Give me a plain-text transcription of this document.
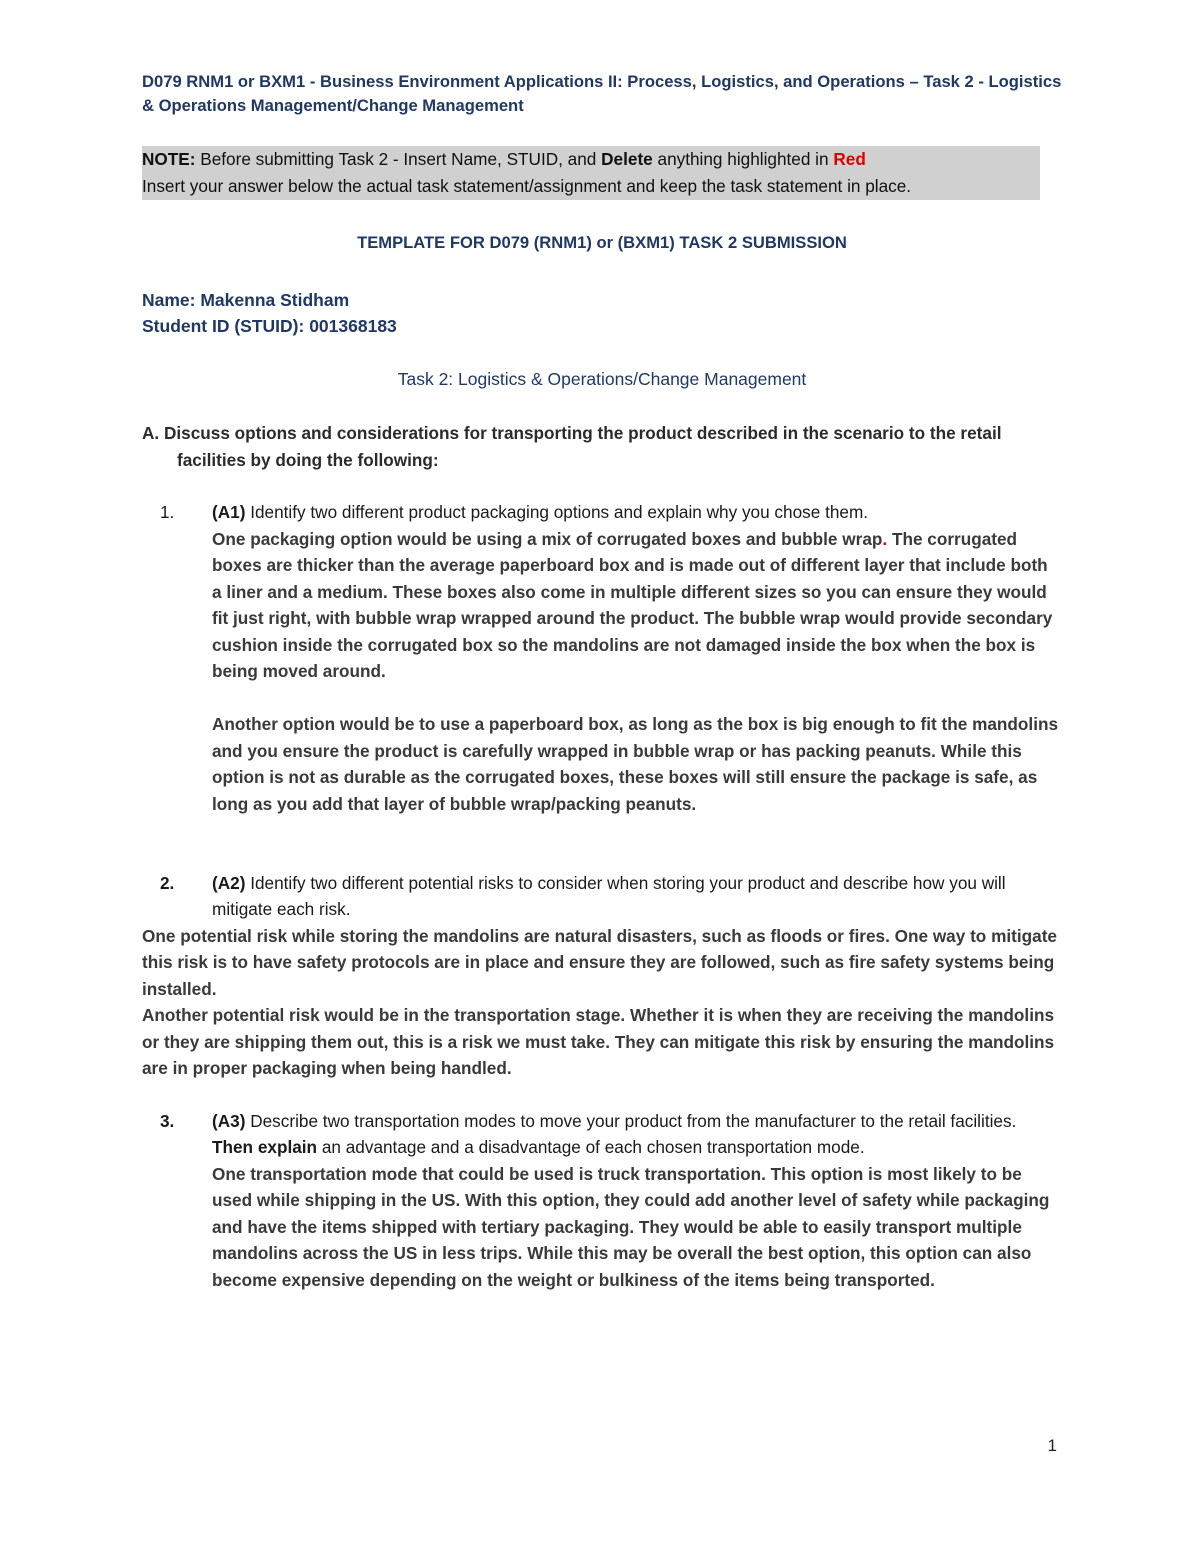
D079 RNM1 or BXM1 - Business Environment Applications II: Process, Logistics, and Operations – Task 2 - Logistics

& Operations Management/Change Management

NOTE: Before submitting Task 2 - Insert Name, STUID, and Delete anything highlighted in Red

Insert your answer below the actual task statement/assignment and keep the task statement in place.

TEMPLATE FOR D079 (RNM1) or (BXM1) TASK 2 SUBMISSION

Name: Makenna Stidham

Student ID (STUID): 001368183

Task 2: Logistics & Operations/Change Management

A. Discuss options and considerations for transporting the product described in the scenario to the retail facilities by doing the following:

1. (A1) Identify two different product packaging options and explain why you chose them.

One packaging option would be using a mix of corrugated boxes and bubble wrap. The corrugated boxes are thicker than the average paperboard box and is made out of different layer that include both a liner and a medium. These boxes also come in multiple different sizes so you can ensure they would fit just right, with bubble wrap wrapped around the product. The bubble wrap would provide secondary cushion inside the corrugated box so the mandolins are not damaged inside the box when the box is being moved around.

Another option would be to use a paperboard box, as long as the box is big enough to fit the mandolins and you ensure the product is carefully wrapped in bubble wrap or has packing peanuts. While this option is not as durable as the corrugated boxes, these boxes will still ensure the package is safe, as long as you add that layer of bubble wrap/packing peanuts.

2. (A2) Identify two different potential risks to consider when storing your product and describe how you will mitigate each risk.

One potential risk while storing the mandolins are natural disasters, such as floods or fires. One way to mitigate this risk is to have safety protocols are in place and ensure they are followed, such as fire safety systems being installed.

Another potential risk would be in the transportation stage. Whether it is when they are receiving the mandolins or they are shipping them out, this is a risk we must take. They can mitigate this risk by ensuring the mandolins are in proper packaging when being handled.

3. (A3) Describe two transportation modes to move your product from the manufacturer to the retail facilities. Then explain an advantage and a disadvantage of each chosen transportation mode.

One transportation mode that could be used is truck transportation. This option is most likely to be used while shipping in the US. With this option, they could add another level of safety while packaging and have the items shipped with tertiary packaging. They would be able to easily transport multiple mandolins across the US in less trips. While this may be overall the best option, this option can also become expensive depending on the weight or bulkiness of the items being transported.

1
